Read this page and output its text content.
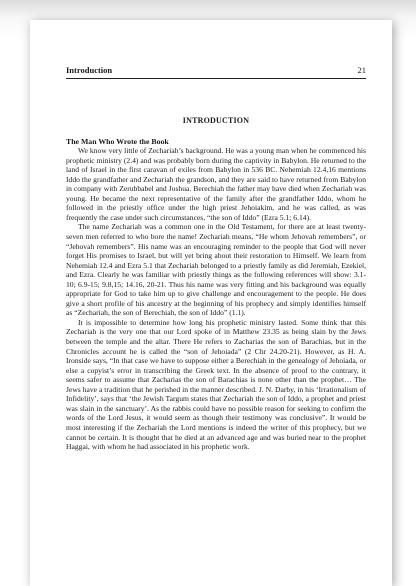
Introduction	21
INTRODUCTION
The Man Who Wrote the Book

We know very little of Zechariah’s background. He was a young man when he commenced his prophetic ministry (2.4) and was probably born during the captivity in Babylon. He returned to the land of Israel in the first caravan of exiles from Babylon in 536 BC. Nehemiah 12.4,16 mentions Iddo the grandfather and Zechariah the grandson, and they are said to have returned from Babylon in company with Zerubbabel and Joshua. Berechiah the father may have died when Zechariah was young. He became the next representative of the family after the grandfather Iddo, whom he followed in the priestly office under the high priest Jehoiakim, and he was called, as was frequently the case under such circumstances, “the son of Iddo” (Ezra 5.1; 6.14).

The name Zechariah was a common one in the Old Testament, for there are at least twenty-seven men referred to who bore the name! Zechariah means, “He whom Jehovah remembers”, or “Jehovah remembers”. His name was an encouraging reminder to the people that God will never forget His promises to Israel, but will yet bring about their restoration to Himself. We learn from Nehemiah 12.4 and Ezra 5.1 that Zechariah belonged to a priestly family as did Jeremiah, Ezekiel, and Ezra. Clearly he was familiar with priestly things as the following references will show: 3.1-10; 6.9-15; 9.8,15; 14.16, 20-21. Thus his name was very fitting and his background was equally appropriate for God to take him up to give challenge and encouragement to the people. He does give a short profile of his ancestry at the beginning of his prophecy and simply identifies himself as “Zechariah, the son of Berechiah, the son of Iddo” (1.1).

It is impossible to determine how long his prophetic ministry lasted. Some think that this Zechariah is the very one that our Lord spoke of in Matthew 23.35 as being slain by the Jews between the temple and the altar. There He refers to Zacharias the son of Barachias, but in the Chronicles account he is called the “son of Jehoiada” (2 Chr 24.20-21). However, as H. A. Ironside says, “In that case we have to suppose either a Berechiah in the genealogy of Jehoiada, or else a copyist’s error in transcribing the Greek text. In the absence of proof to the contrary, it seems safer to assume that Zacharias the son of Barachias is none other than the prophet… The Jews have a tradition that he perished in the manner described. J. N. Darby, in his ‘Irrationalism of Infidelity’, says that ‘the Jewish Targum states that Zechariah the son of Iddo, a prophet and priest was slain in the sanctuary’. As the rabbis could have no possible reason for seeking to confirm the words of the Lord Jesus, it would seem as though their testimony was conclusive”. It would be most interesting if the Zechariah the Lord mentions is indeed the writer of this prophecy, but we cannot be certain. It is thought that he died at an advanced age and was buried near to the prophet Haggai, with whom he had associated in his prophetic work.
